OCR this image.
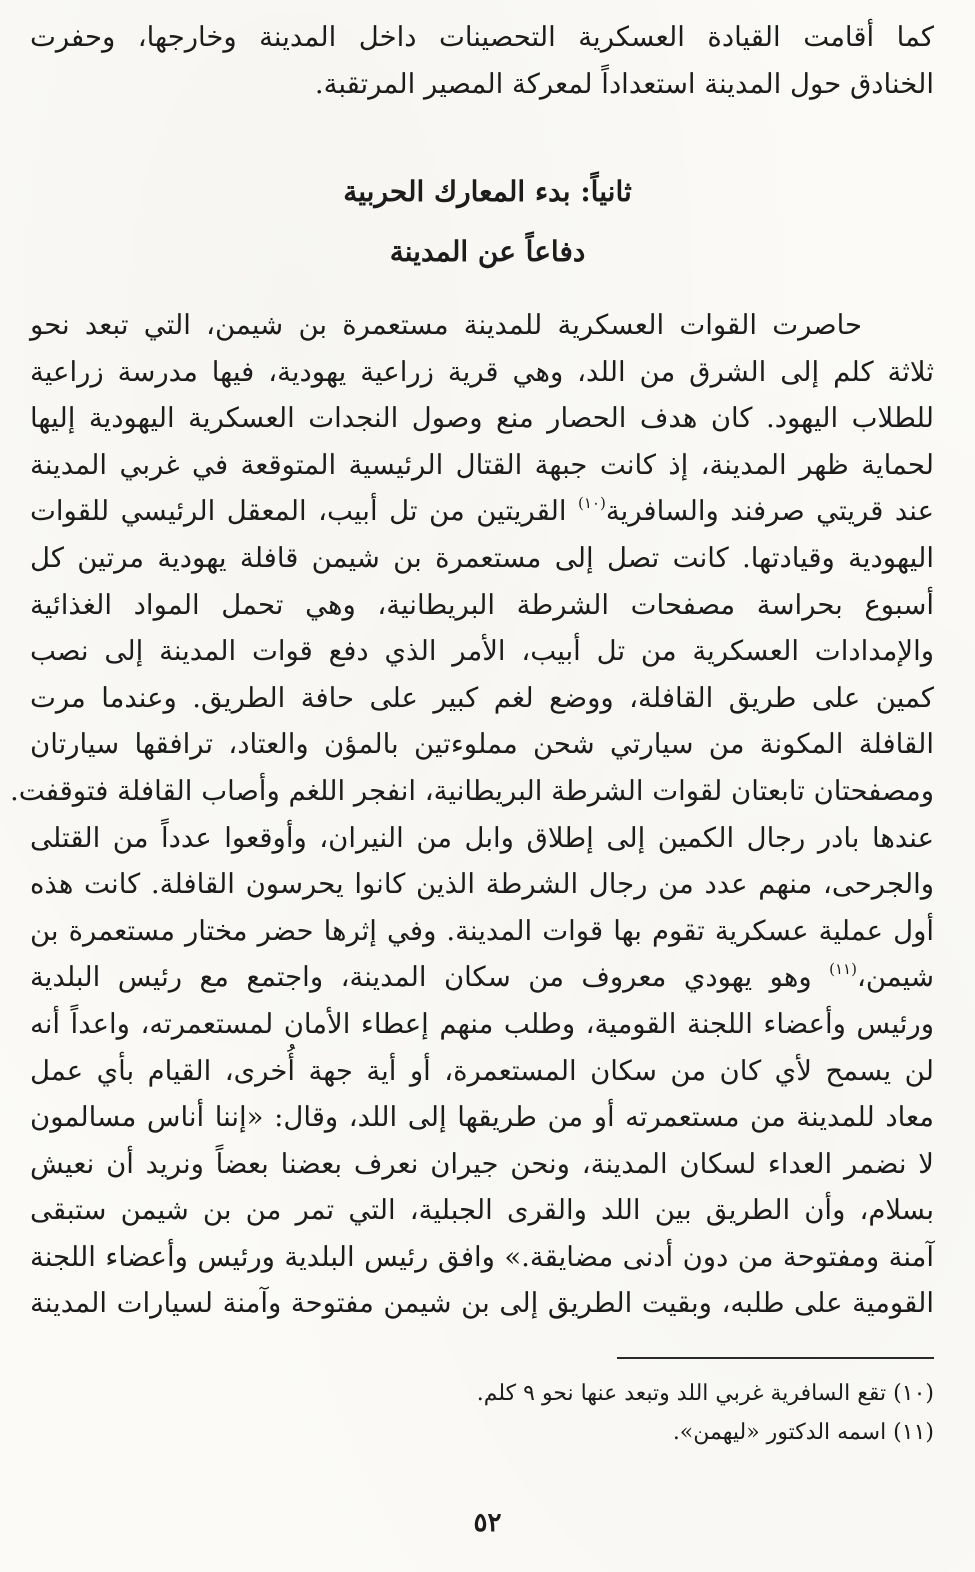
كما أقامت القيادة العسكرية التحصينات داخل المدينة وخارجها، وحفرت
الخنادق حول المدينة استعداداً لمعركة المصير المرتقبة.
ثانياً: بدء المعارك الحربية
دفاعاً عن المدينة
حاصرت القوات العسكرية للمدينة مستعمرة بن شيمن، التي تبعد نحو
ثلاثة كلم إلى الشرق من اللد، وهي قرية زراعية يهودية، فيها مدرسة زراعية
للطلاب اليهود. كان هدف الحصار منع وصول النجدات العسكرية اليهودية إليها
لحماية ظهر المدينة، إذ كانت جبهة القتال الرئيسية المتوقعة في غربي المدينة
عند قريتي صرفند والسافرية$^{(١٠)}$ القريتين من تل أبيب، المعقل الرئيسي للقوات
اليهودية وقيادتها. كانت تصل إلى مستعمرة بن شيمن قافلة يهودية مرتين كل
أسبوع بحراسة مصفحات الشرطة البريطانية، وهي تحمل المواد الغذائية
والإمدادات العسكرية من تل أبيب، الأمر الذي دفع قوات المدينة إلى نصب
كمين على طريق القافلة، ووضع لغم كبير على حافة الطريق. وعندما مرت
القافلة المكونة من سيارتي شحن مملوءتين بالمؤن والعتاد، ترافقها سيارتان
ومصفحتان تابعتان لقوات الشرطة البريطانية، انفجر اللغم وأصاب القافلة فتوقفت.
عندها بادر رجال الكمين إلى إطلاق وابل من النيران، وأوقعوا عدداً من القتلى
والجرحى، منهم عدد من رجال الشرطة الذين كانوا يحرسون القافلة. كانت هذه
أول عملية عسكرية تقوم بها قوات المدينة. وفي إثرها حضر مختار مستعمرة بن
شيمن،$^{(١١)}$ وهو يهودي معروف من سكان المدينة، واجتمع مع رئيس البلدية
ورئيس وأعضاء اللجنة القومية، وطلب منهم إعطاء الأمان لمستعمرته، واعداً أنه
لن يسمح لأي كان من سكان المستعمرة، أو أية جهة أُخرى، القيام بأي عمل
معاد للمدينة من مستعمرته أو من طريقها إلى اللد، وقال: «إننا أناس مسالمون
لا نضمر العداء لسكان المدينة، ونحن جيران نعرف بعضنا بعضاً ونريد أن نعيش
بسلام، وأن الطريق بين اللد والقرى الجبلية، التي تمر من بن شيمن ستبقى
آمنة ومفتوحة من دون أدنى مضايقة.» وافق رئيس البلدية ورئيس وأعضاء اللجنة
القومية على طلبه، وبقيت الطريق إلى بن شيمن مفتوحة وآمنة لسيارات المدينة
(١٠) تقع السافرية غربي اللد وتبعد عنها نحو ٩ كلم.
(١١) اسمه الدكتور «ليهمن».
٥٢
